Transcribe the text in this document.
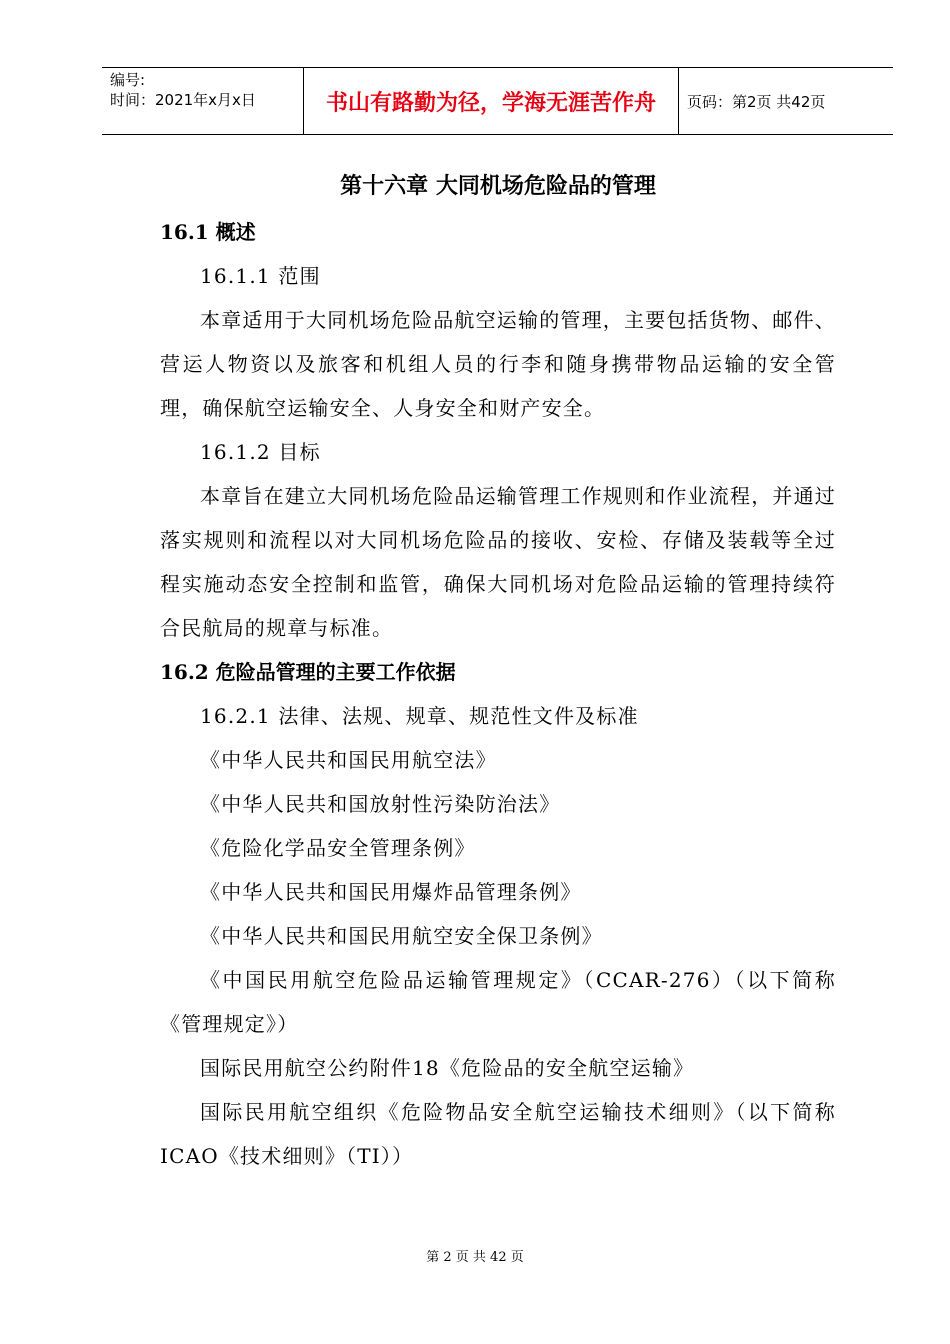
编号:
时间：2021年x月x日	书山有路勤为径，学海无涯苦作舟	页码：第2页 共42页
第十六章 大同机场危险品的管理
16.1 概述

16.1.1 范围

本章适用于大同机场危险品航空运输的管理，主要包括货物、邮件、营运人物资以及旅客和机组人员的行李和随身携带物品运输的安全管理，确保航空运输安全、人身安全和财产安全。

16.1.2 目标

本章旨在建立大同机场危险品运输管理工作规则和作业流程，并通过落实规则和流程以对大同机场危险品的接收、安检、存储及装载等全过程实施动态安全控制和监管，确保大同机场对危险品运输的管理持续符合民航局的规章与标准。

16.2 危险品管理的主要工作依据

16.2.1 法律、法规、规章、规范性文件及标准

《中华人民共和国民用航空法》

《中华人民共和国放射性污染防治法》

《危险化学品安全管理条例》

《中华人民共和国民用爆炸品管理条例》

《中华人民共和国民用航空安全保卫条例》

《中国民用航空危险品运输管理规定》（CCAR-276）（以下简称《管理规定》）

国际民用航空公约附件18《危险品的安全航空运输》

国际民用航空组织《危险物品安全航空运输技术细则》（以下简称ICAO《技术细则》（TI））

第 2 页 共 42 页
